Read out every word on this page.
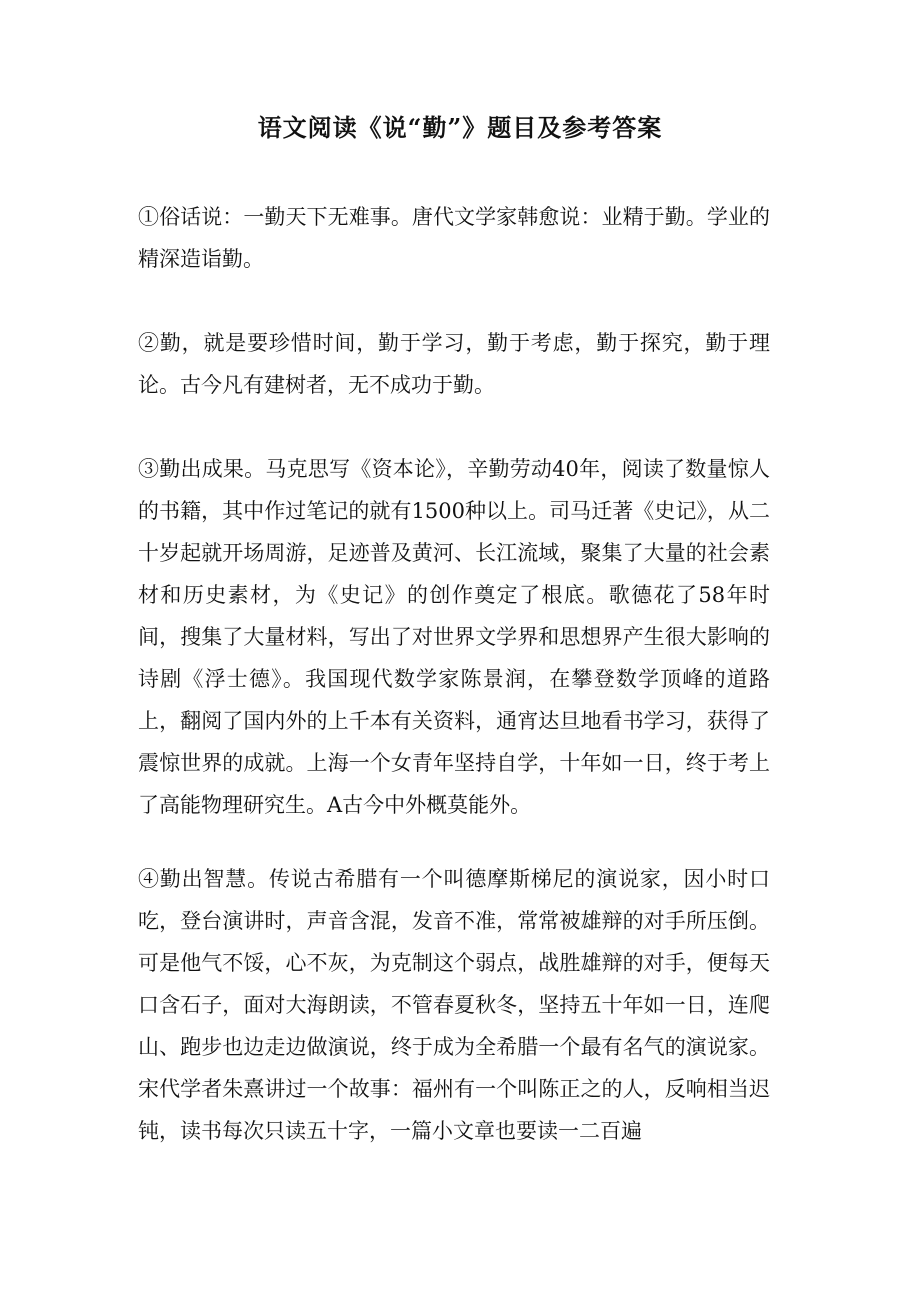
语文阅读《说“勤”》题目及参考答案

①俗话说：一勤天下无难事。唐代文学家韩愈说：业精于勤。学业的精深造诣勤。

②勤，就是要珍惜时间，勤于学习，勤于考虑，勤于探究，勤于理论。古今凡有建树者，无不成功于勤。

③勤出成果。马克思写《资本论》，辛勤劳动40年，阅读了数量惊人的书籍，其中作过笔记的就有1500种以上。司马迁著《史记》，从二十岁起就开场周游，足迹普及黄河、长江流域，聚集了大量的社会素材和历史素材，为《史记》的创作奠定了根底。歌德花了58年时间，搜集了大量材料，写出了对世界文学界和思想界产生很大影响的诗剧《浮士德》。我国现代数学家陈景润，在攀登数学顶峰的道路上，翻阅了国内外的上千本有关资料，通宵达旦地看书学习，获得了震惊世界的成就。上海一个女青年坚持自学，十年如一日，终于考上了高能物理研究生。A古今中外概莫能外。

④勤出智慧。传说古希腊有一个叫德摩斯梯尼的演说家，因小时口吃，登台演讲时，声音含混，发音不准，常常被雄辩的对手所压倒。可是他气不馁，心不灰，为克制这个弱点，战胜雄辩的对手，便每天口含石子，面对大海朗读，不管春夏秋冬，坚持五十年如一日，连爬山、跑步也边走边做演说，终于成为全希腊一个最有名气的演说家。宋代学者朱熹讲过一个故事：福州有一个叫陈正之的人，反响相当迟钝，读书每次只读五十字，一篇小文章也要读一二百遍
